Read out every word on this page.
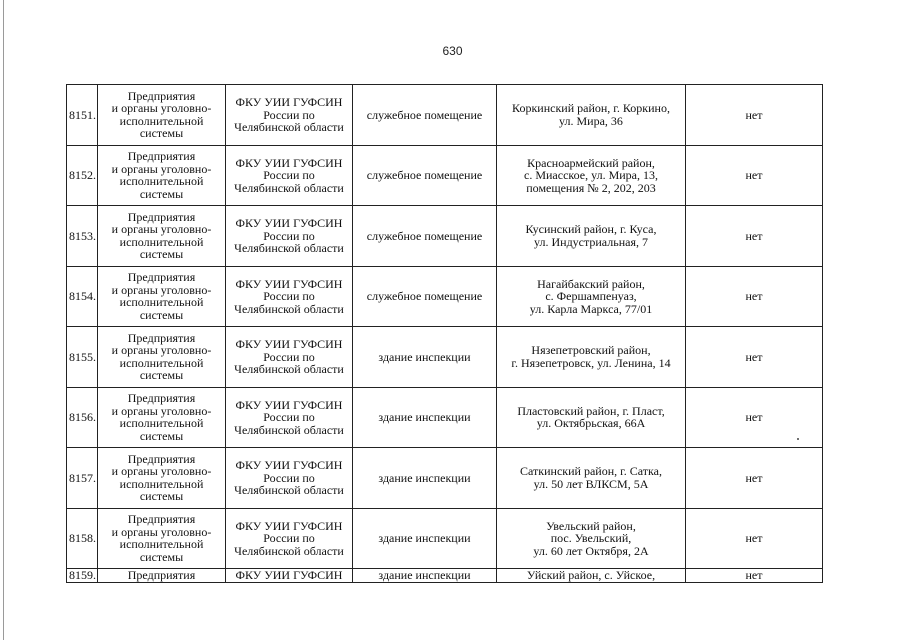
630
8151.	Предприятия
и органы уголовно-
исполнительной
системы	ФКУ УИИ ГУФСИН
России по
Челябинской области	служебное помещение	Коркинский район, г. Коркино,
ул. Мира, 36	нет
8152.	Предприятия
и органы уголовно-
исполнительной
системы	ФКУ УИИ ГУФСИН
России по
Челябинской области	служебное помещение	Красноармейский район,
с. Миасское, ул. Мира, 13,
помещения № 2, 202, 203	нет
8153.	Предприятия
и органы уголовно-
исполнительной
системы	ФКУ УИИ ГУФСИН
России по
Челябинской области	служебное помещение	Кусинский район, г. Куса,
ул. Индустриальная, 7	нет
8154.	Предприятия
и органы уголовно-
исполнительной
системы	ФКУ УИИ ГУФСИН
России по
Челябинской области	служебное помещение	Нагайбакский район,
с. Фершампенуаз,
ул. Карла Маркса, 77/01	нет
8155.	Предприятия
и органы уголовно-
исполнительной
системы	ФКУ УИИ ГУФСИН
России по
Челябинской области	здание инспекции	Нязепетровский район,
г. Нязепетровск, ул. Ленина, 14	нет
8156.	Предприятия
и органы уголовно-
исполнительной
системы	ФКУ УИИ ГУФСИН
России по
Челябинской области	здание инспекции	Пластовский район, г. Пласт,
ул. Октябрьская, 66А	нет
8157.	Предприятия
и органы уголовно-
исполнительной
системы	ФКУ УИИ ГУФСИН
России по
Челябинской области	здание инспекции	Саткинский район, г. Сатка,
ул. 50 лет ВЛКСМ, 5А	нет
8158.	Предприятия
и органы уголовно-
исполнительной
системы	ФКУ УИИ ГУФСИН
России по
Челябинской области	здание инспекции	Увельский район,
пос. Увельский,
ул. 60 лет Октября, 2А	нет
8159.	Предприятия	ФКУ УИИ ГУФСИН	здание инспекции	Уйский район, с. Уйское,	нет
